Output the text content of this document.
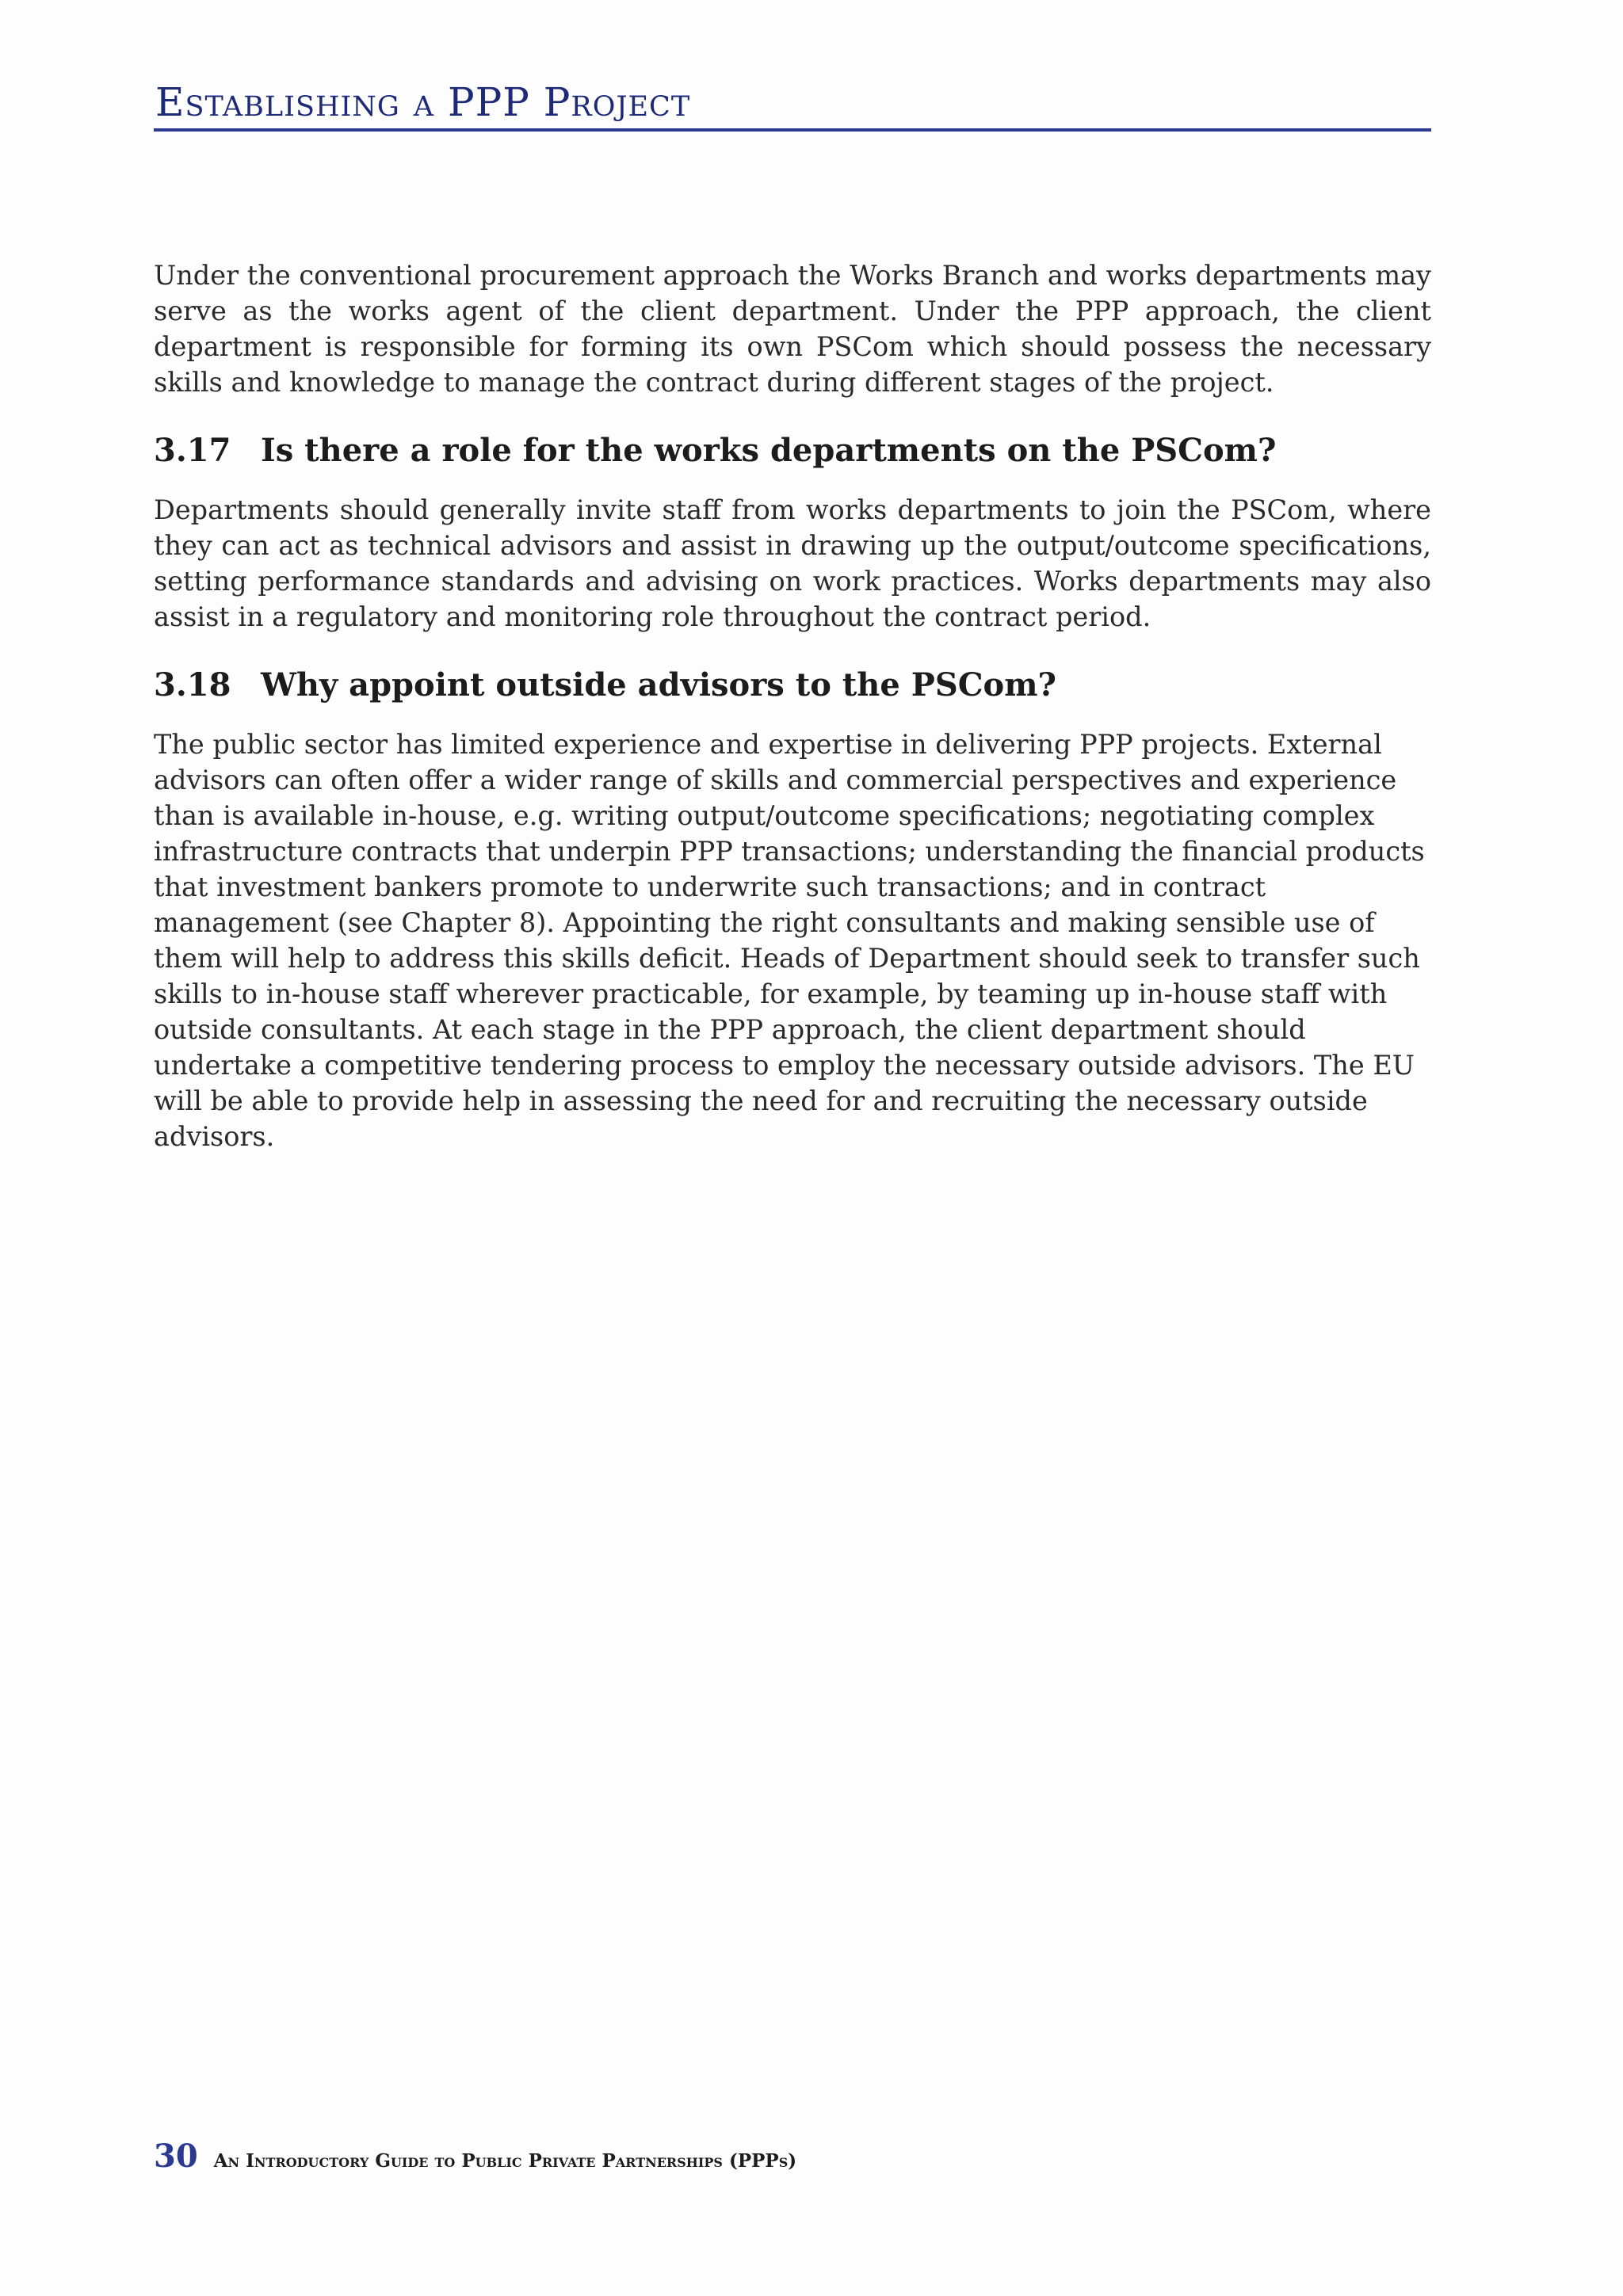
Establishing a PPP Project

Under the conventional procurement approach the Works Branch and works departments may serve as the works agent of the client department. Under the PPP approach, the client department is responsible for forming its own PSCom which should possess the necessary skills and knowledge to manage the contract during different stages of the project.

3.17 Is there a role for the works departments on the PSCom?

Departments should generally invite staff from works departments to join the PSCom, where they can act as technical advisors and assist in drawing up the output/outcome specifications, setting performance standards and advising on work practices. Works departments may also assist in a regulatory and monitoring role throughout the contract period.

3.18 Why appoint outside advisors to the PSCom?

The public sector has limited experience and expertise in delivering PPP projects. External advisors can often offer a wider range of skills and commercial perspectives and experience than is available in-house, e.g. writing output/outcome specifications; negotiating complex infrastructure contracts that underpin PPP transactions; understanding the financial products that investment bankers promote to underwrite such transactions; and in contract management (see Chapter 8). Appointing the right consultants and making sensible use of them will help to address this skills deficit. Heads of Department should seek to transfer such skills to in-house staff wherever practicable, for example, by teaming up in-house staff with outside consultants. At each stage in the PPP approach, the client department should undertake a competitive tendering process to employ the necessary outside advisors. The EU will be able to provide help in assessing the need for and recruiting the necessary outside advisors.

30 An Introductory Guide to Public Private Partnerships (PPPs)
